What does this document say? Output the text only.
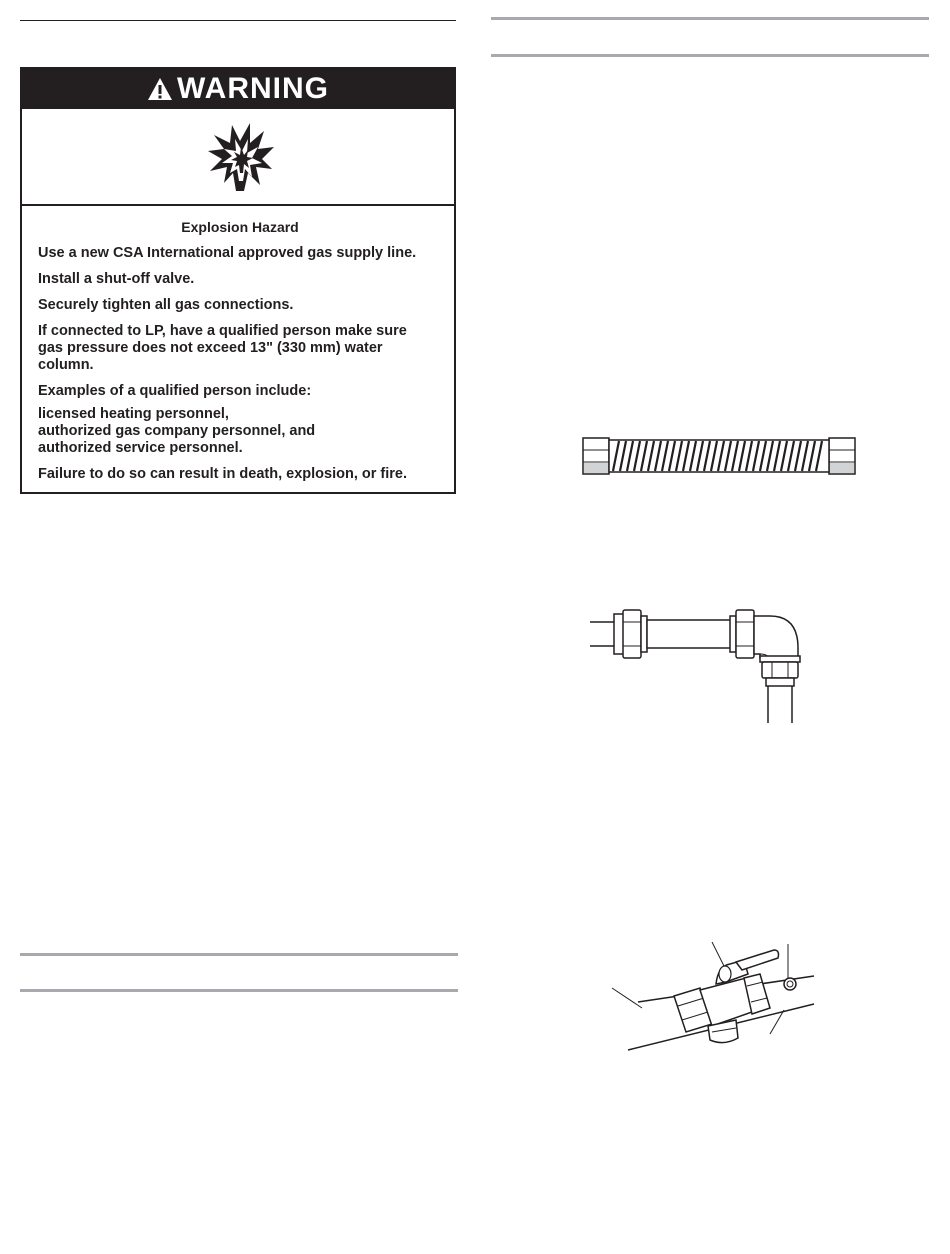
WARNING

Explosion Hazard

Use a new CSA International approved gas supply line.

Install a shut-off valve.

Securely tighten all gas connections.

If connected to LP, have a qualified person make sure

gas pressure does not exceed 13" (330 mm) water

column.

Examples of a qualified person include:

licensed heating personnel,

authorized gas company personnel, and

authorized service personnel.

Failure to do so can result in death, explosion, or fire.
